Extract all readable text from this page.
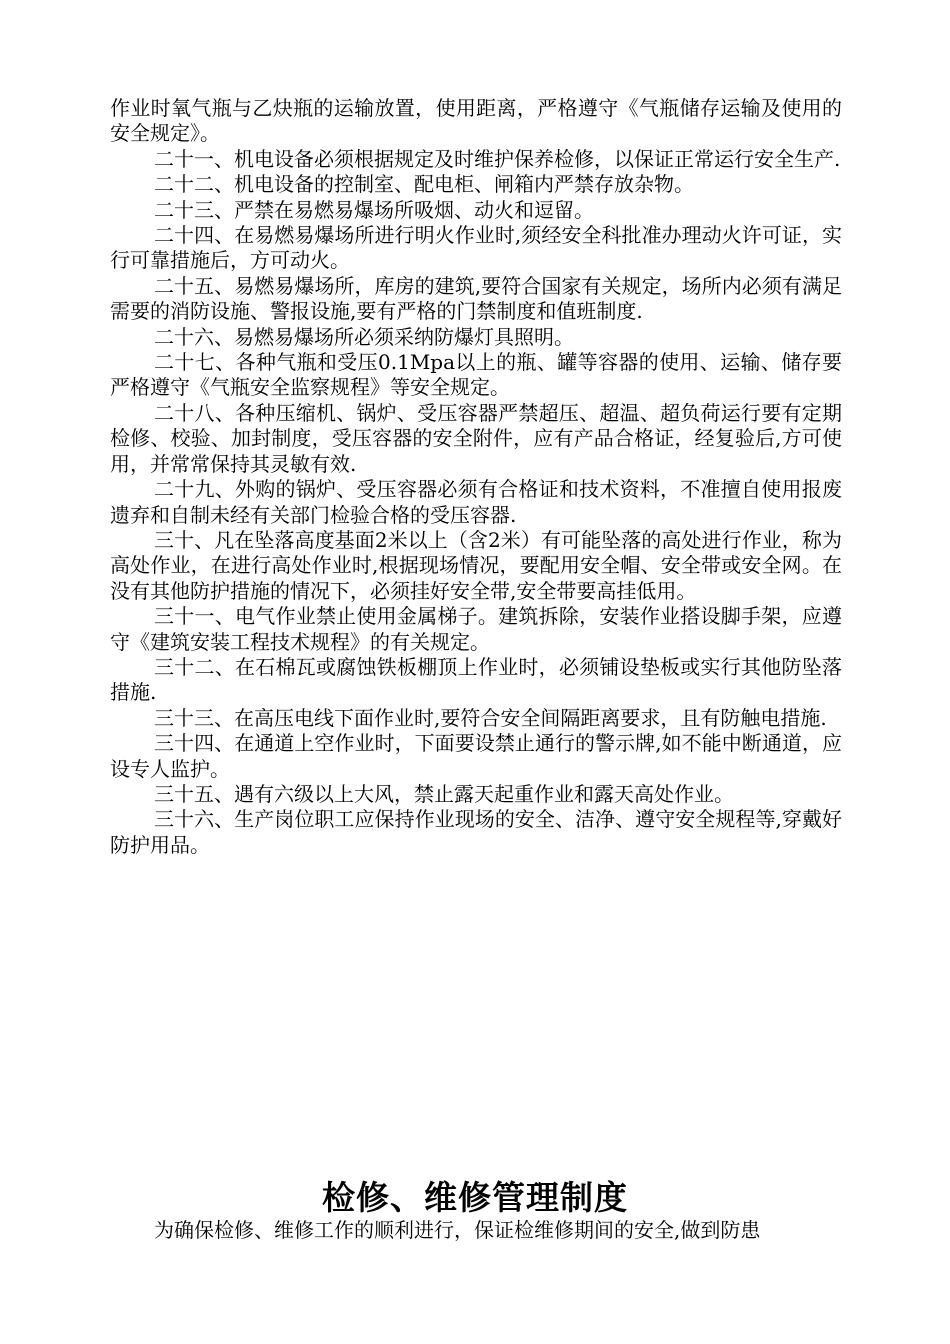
作业时氧气瓶与乙炔瓶的运输放置，使用距离，严格遵守《气瓶储存运输及使用的安全规定》。

二十一、机电设备必须根据规定及时维护保养检修，以保证正常运行安全生产.

二十二、机电设备的控制室、配电柜、闸箱内严禁存放杂物。

二十三、严禁在易燃易爆场所吸烟、动火和逗留。

二十四、在易燃易爆场所进行明火作业时,须经安全科批准办理动火许可证，实行可靠措施后，方可动火。

二十五、易燃易爆场所，库房的建筑,要符合国家有关规定，场所内必须有满足需要的消防设施、警报设施,要有严格的门禁制度和值班制度.

二十六、易燃易爆场所必须采纳防爆灯具照明。

二十七、各种气瓶和受压0.1Mpa以上的瓶、罐等容器的使用、运输、储存要严格遵守《气瓶安全监察规程》等安全规定。

二十八、各种压缩机、锅炉、受压容器严禁超压、超温、超负荷运行要有定期检修、校验、加封制度，受压容器的安全附件，应有产品合格证，经复验后,方可使用，并常常保持其灵敏有效.

二十九、外购的锅炉、受压容器必须有合格证和技术资料，不准擅自使用报废遗弃和自制未经有关部门检验合格的受压容器.

三十、凡在坠落高度基面2米以上（含2米）有可能坠落的高处进行作业，称为高处作业，在进行高处作业时,根据现场情况，要配用安全帽、安全带或安全网。在没有其他防护措施的情况下，必须挂好安全带,安全带要高挂低用。

三十一、电气作业禁止使用金属梯子。建筑拆除，安装作业搭设脚手架，应遵守《建筑安装工程技术规程》的有关规定。

三十二、在石棉瓦或腐蚀铁板棚顶上作业时，必须铺设垫板或实行其他防坠落措施.

三十三、在高压电线下面作业时,要符合安全间隔距离要求，且有防触电措施.

三十四、在通道上空作业时，下面要设禁止通行的警示牌,如不能中断通道，应设专人监护。

三十五、遇有六级以上大风，禁止露天起重作业和露天高处作业。

三十六、生产岗位职工应保持作业现场的安全、洁净、遵守安全规程等,穿戴好防护用品。

检修、维修管理制度
为确保检修、维修工作的顺利进行，保证检维修期间的安全,做到防患
